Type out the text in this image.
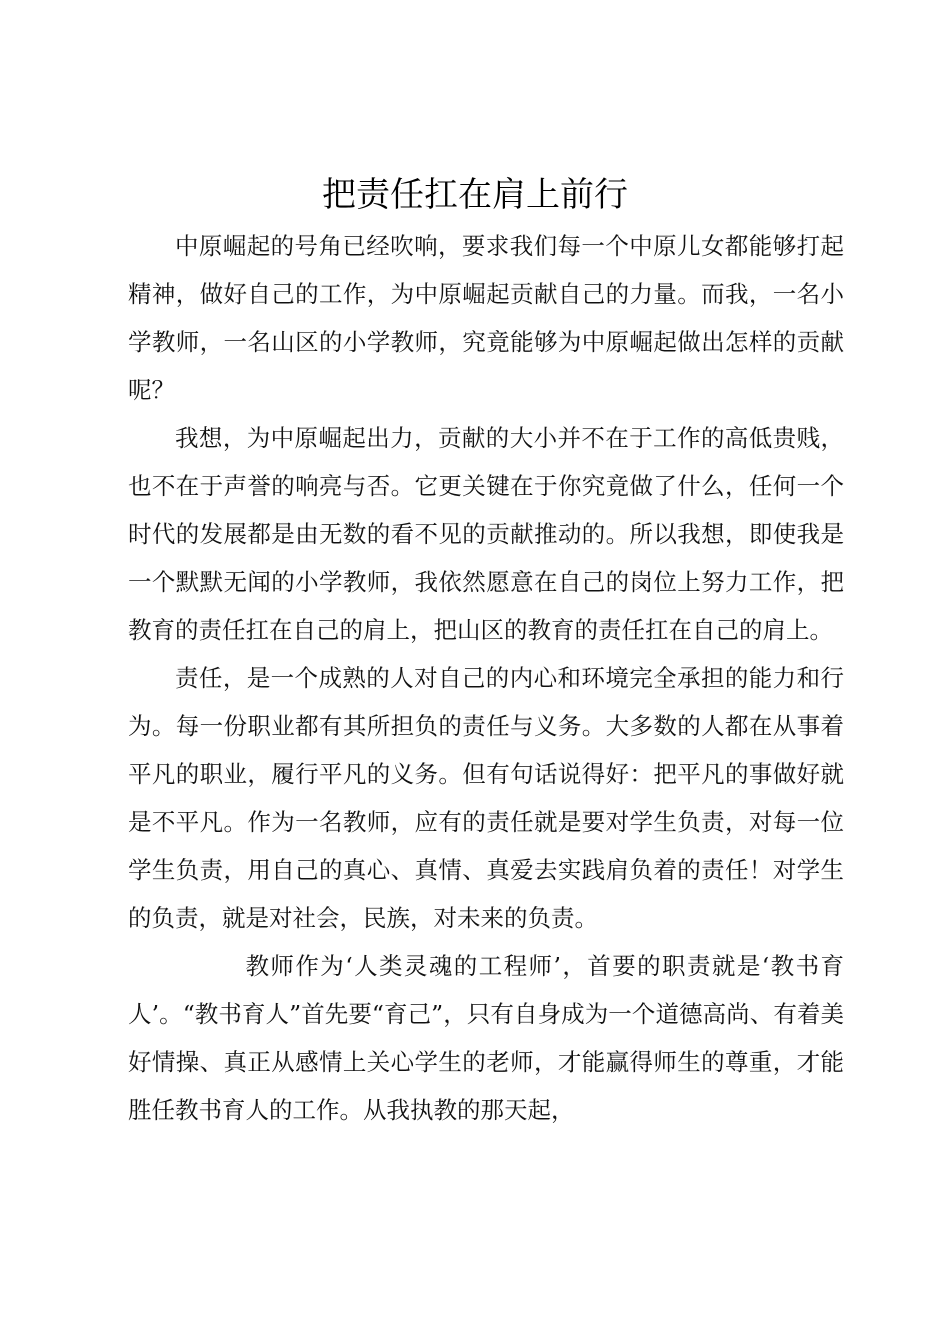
把责任扛在肩上前行

中原崛起的号角已经吹响，要求我们每一个中原儿女都能够打起精神，做好自己的工作，为中原崛起贡献自己的力量。而我，一名小学教师，一名山区的小学教师，究竟能够为中原崛起做出怎样的贡献呢？

我想，为中原崛起出力，贡献的大小并不在于工作的高低贵贱，也不在于声誉的响亮与否。它更关键在于你究竟做了什么，任何一个时代的发展都是由无数的看不见的贡献推动的。所以我想，即使我是一个默默无闻的小学教师，我依然愿意在自己的岗位上努力工作，把教育的责任扛在自己的肩上，把山区的教育的责任扛在自己的肩上。

责任，是一个成熟的人对自己的内心和环境完全承担的能力和行为。每一份职业都有其所担负的责任与义务。大多数的人都在从事着平凡的职业，履行平凡的义务。但有句话说得好：把平凡的事做好就是不平凡。作为一名教师，应有的责任就是要对学生负责，对每一位学生负责，用自己的真心、真情、真爱去实践肩负着的责任！对学生的负责，就是对社会，民族，对未来的负责。

教师作为‘人类灵魂的工程师’，首要的职责就是‘教书育人’。“教书育人”首先要“育己”，只有自身成为一个道德高尚、有着美好情操、真正从感情上关心学生的老师，才能赢得师生的尊重，才能胜任教书育人的工作。从我执教的那天起，
